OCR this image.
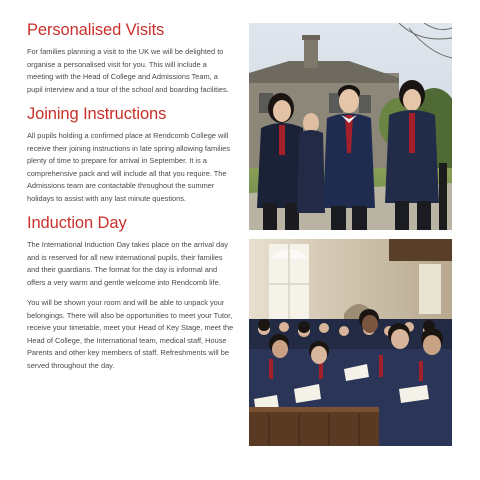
Personalised Visits

For families planning a visit to the UK we will be delighted to organise a personalised visit for you. This will include a meeting with the Head of College and Admissions Team, a pupil interview and a tour of the school and boarding facilities.

Joining Instructions

All pupils holding a confirmed place at Rendcomb College will receive their joining instructions in late spring allowing families plenty of time to prepare for arrival in September. It is a comprehensive pack and will include all that you require. The Admissions team are contactable throughout the summer holidays to assist with any last minute questions.

Induction Day

The International Induction Day takes place on the arrival day and is reserved for all new international pupils, their families and their guardians. The format for the day is informal and offers a very warm and gentle welcome into Rendcomb life.

You will be shown your room and will be able to unpack your belongings. There will also be opportunities to meet your Tutor, receive your timetable, meet your Head of Key Stage, meet the Head of College, the International team, medical staff, House Parents and other key members of staff. Refreshments will be served throughout the day.
